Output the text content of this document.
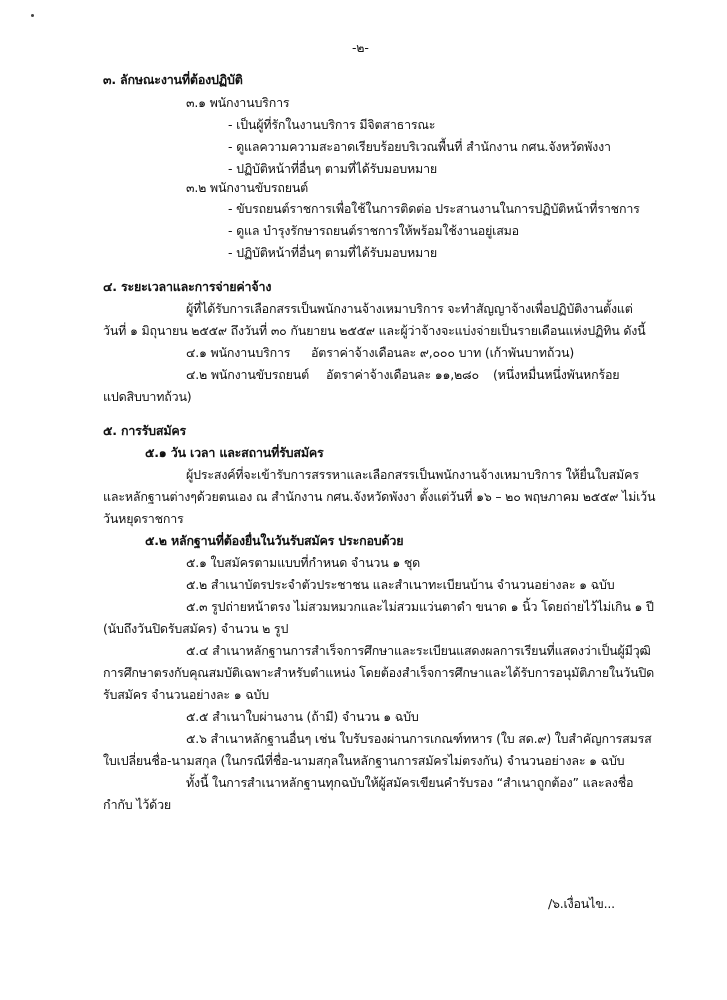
-๒-
๓. ลักษณะงานที่ต้องปฏิบัติ
๓.๑ พนักงานบริการ
- เป็นผู้ที่รักในงานบริการ มีจิตสาธารณะ
- ดูแลความความสะอาดเรียบร้อยบริเวณพื้นที่ สำนักงาน กศน.จังหวัดพังงา
- ปฏิบัติหน้าที่อื่นๆ ตามที่ได้รับมอบหมาย
๓.๒ พนักงานขับรถยนต์
- ขับรถยนต์ราชการเพื่อใช้ในการติดต่อ ประสานงานในการปฏิบัติหน้าที่ราชการ
- ดูแล บำรุงรักษารถยนต์ราชการให้พร้อมใช้งานอยู่เสมอ
- ปฏิบัติหน้าที่อื่นๆ ตามที่ได้รับมอบหมาย
๔. ระยะเวลาและการจ่ายค่าจ้าง
ผู้ที่ได้รับการเลือกสรรเป็นพนักงานจ้างเหมาบริการ จะทำสัญญาจ้างเพื่อปฏิบัติงานตั้งแต่
วันที่ ๑ มิถุนายน ๒๕๕๙ ถึงวันที่ ๓๐ กันยายน ๒๕๕๙ และผู้ว่าจ้างจะแบ่งจ่ายเป็นรายเดือนแห่งปฏิทิน ดังนี้
๔.๑ พนักงานบริการ อัตราค่าจ้างเดือนละ ๙,๐๐๐ บาท (เก้าพันบาทถ้วน)
๔.๒ พนักงานขับรถยนต์ อัตราค่าจ้างเดือนละ ๑๑,๒๘๐ (หนึ่งหมื่นหนึ่งพันหกร้อย
แปดสิบบาทถ้วน)
๕. การรับสมัคร
๕.๑ วัน เวลา และสถานที่รับสมัคร
ผู้ประสงค์ที่จะเข้ารับการสรรหาและเลือกสรรเป็นพนักงานจ้างเหมาบริการ ให้ยื่นใบสมัคร
และหลักฐานต่างๆด้วยตนเอง ณ สำนักงาน กศน.จังหวัดพังงา ตั้งแต่วันที่ ๑๖ – ๒๐ พฤษภาคม ๒๕๕๙ ไม่เว้น
วันหยุดราชการ
๕.๒ หลักฐานที่ต้องยื่นในวันรับสมัคร ประกอบด้วย
๕.๑ ใบสมัครตามแบบที่กำหนด จำนวน ๑ ชุด
๕.๒ สำเนาบัตรประจำตัวประชาชน และสำเนาทะเบียนบ้าน จำนวนอย่างละ ๑ ฉบับ
๕.๓ รูปถ่ายหน้าตรง ไม่สวมหมวกและไม่สวมแว่นตาดำ ขนาด ๑ นิ้ว โดยถ่ายไว้ไม่เกิน ๑ ปี
(นับถึงวันปิดรับสมัคร) จำนวน ๒ รูป
๕.๔ สำเนาหลักฐานการสำเร็จการศึกษาและระเบียนแสดงผลการเรียนที่แสดงว่าเป็นผู้มีวุฒิ
การศึกษาตรงกับคุณสมบัติเฉพาะสำหรับตำแหน่ง โดยต้องสำเร็จการศึกษาและได้รับการอนุมัติภายในวันปิด
รับสมัคร จำนวนอย่างละ ๑ ฉบับ
๕.๕ สำเนาใบผ่านงาน (ถ้ามี) จำนวน ๑ ฉบับ
๕.๖ สำเนาหลักฐานอื่นๆ เช่น ใบรับรองผ่านการเกณฑ์ทหาร (ใบ สด.๙) ใบสำคัญการสมรส
ใบเปลี่ยนชื่อ-นามสกุล (ในกรณีที่ชื่อ-นามสกุลในหลักฐานการสมัครไม่ตรงกัน) จำนวนอย่างละ ๑ ฉบับ
ทั้งนี้ ในการสำเนาหลักฐานทุกฉบับให้ผู้สมัครเขียนคำรับรอง “สำเนาถูกต้อง” และลงชื่อ
กำกับ ไว้ด้วย
/๖.เงื่อนไข...
